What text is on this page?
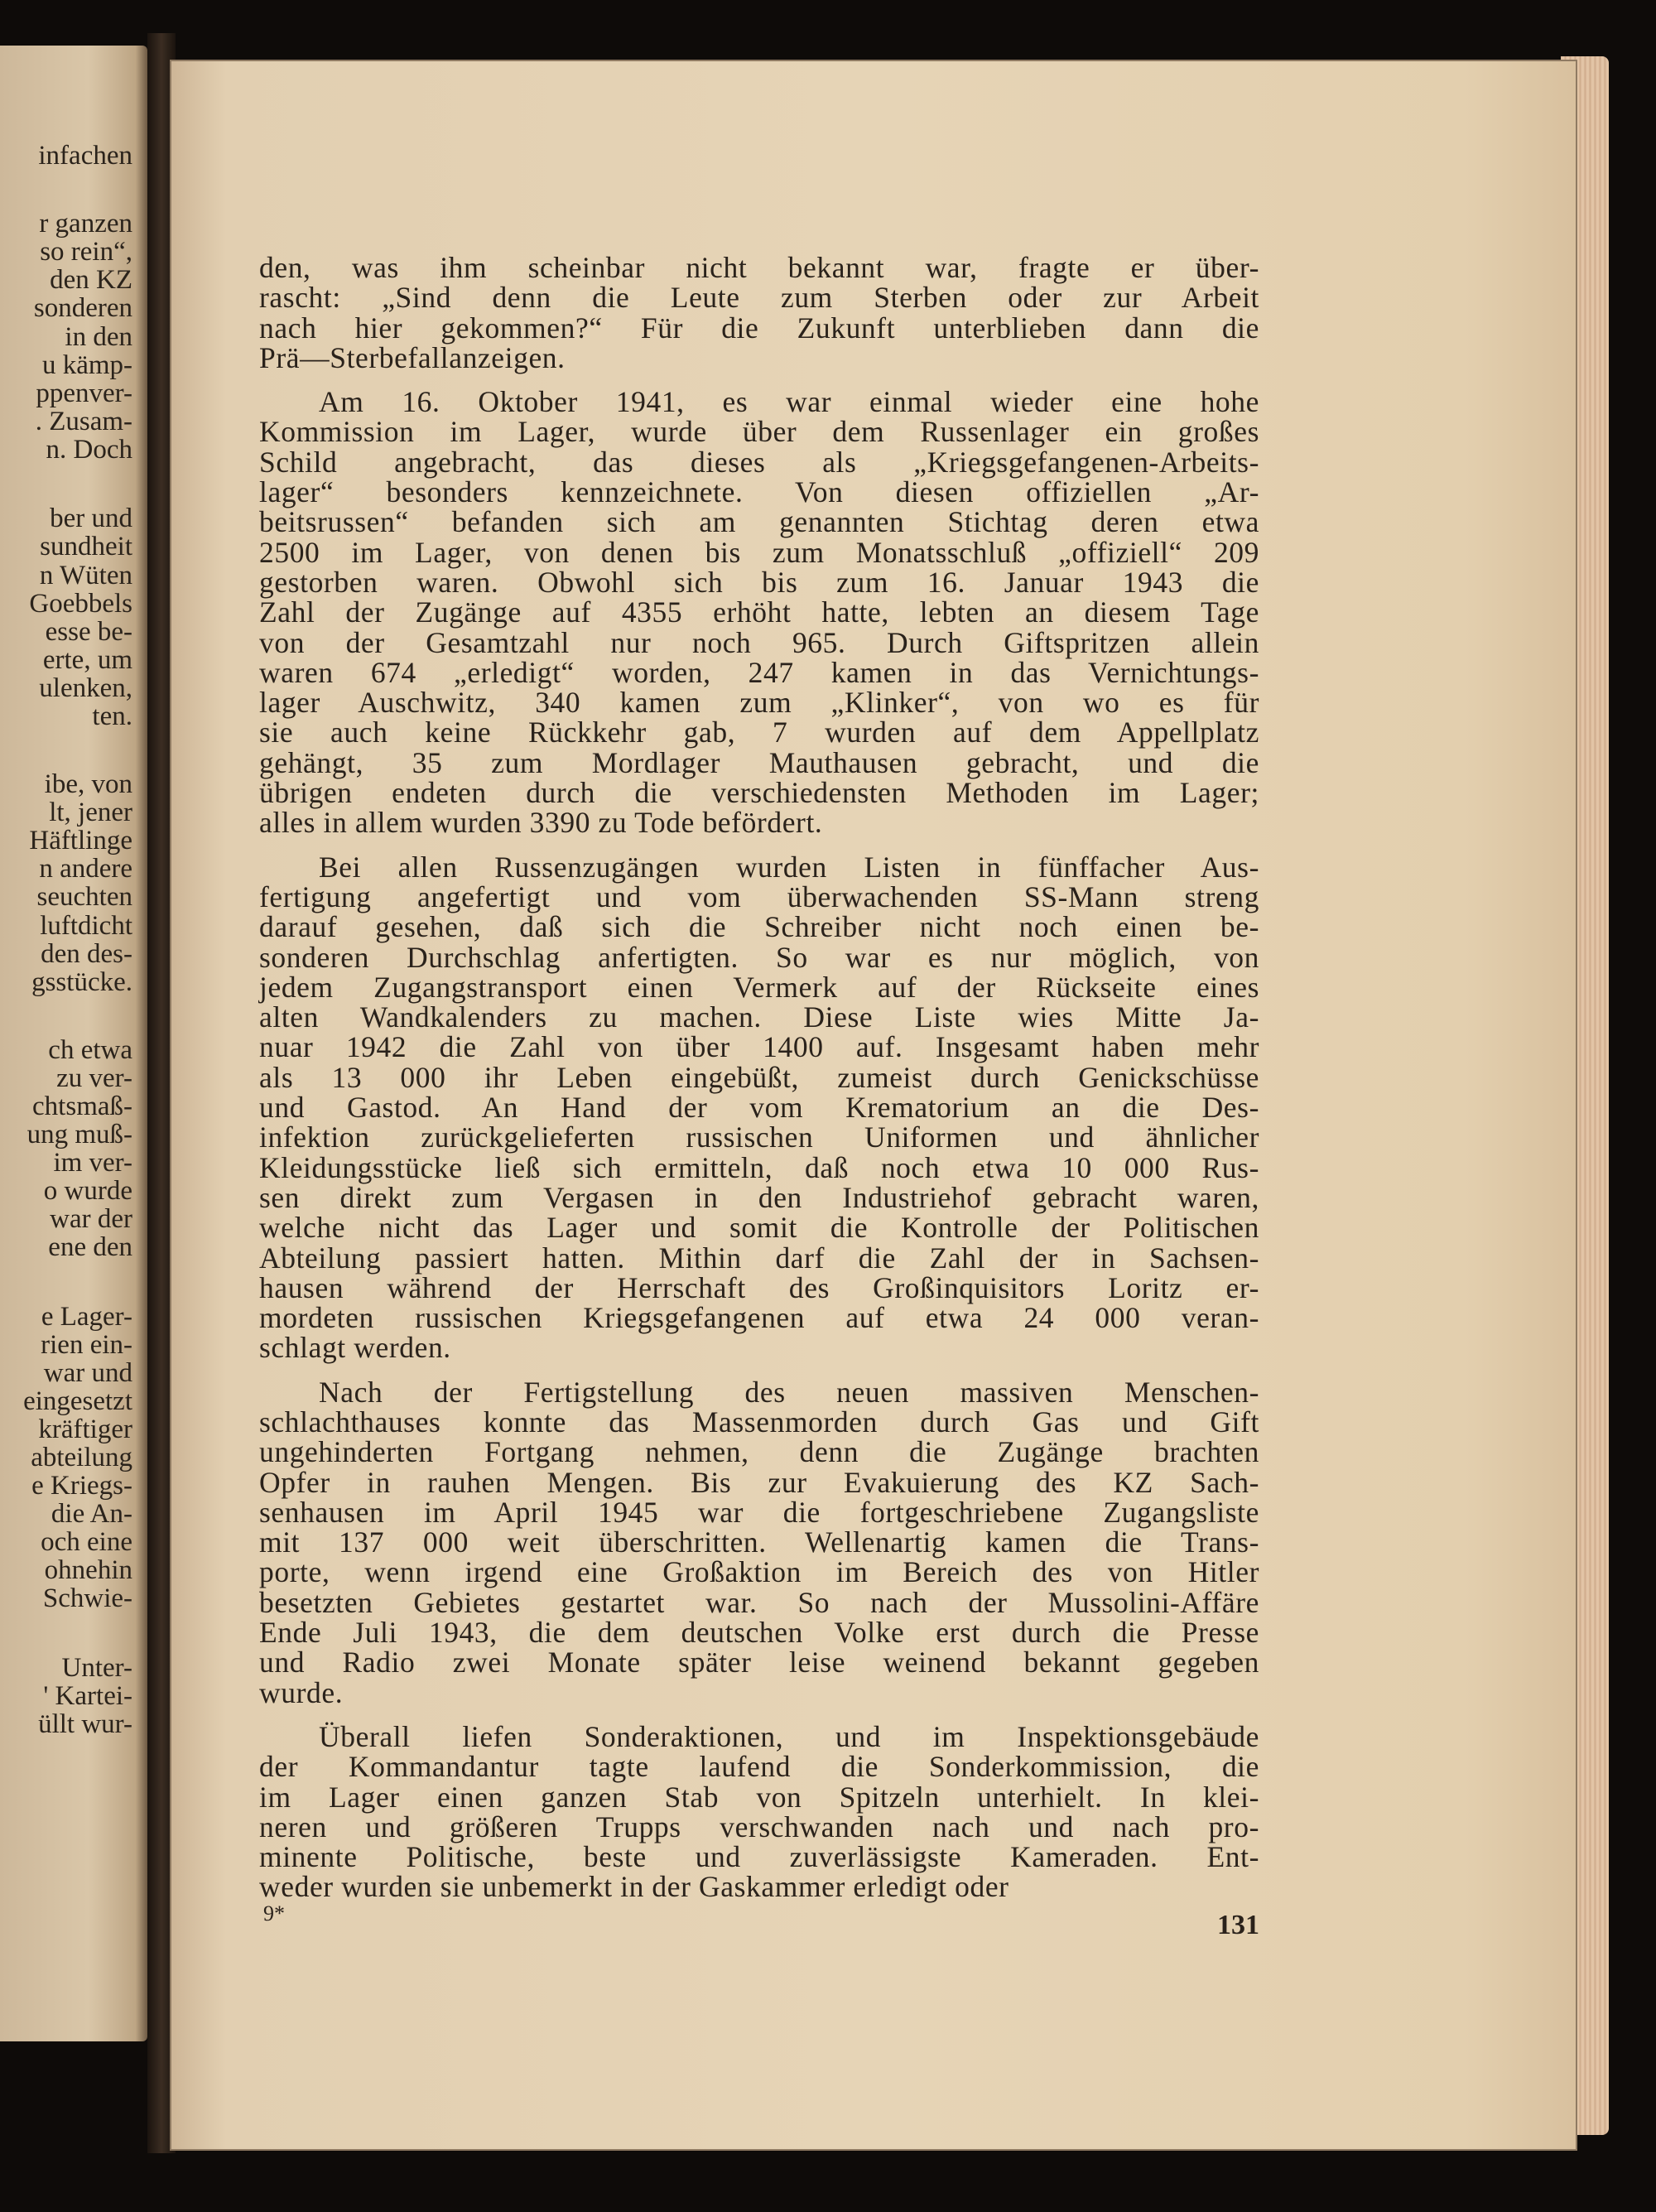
infachen
r ganzen
so rein“,
den KZ
sonderen
in den
u kämp-
ppenver-
. Zusam-
n. Doch
ber und
sundheit
n Wüten
Goebbels
esse be-
erte, um
ulenken,
ten.
ibe, von
lt, jener
Häftlinge
n andere
seuchten
luftdicht
den des-
gsstücke.
ch etwa
zu ver-
chtsmaß-
ung muß-
im ver-
o wurde
war der
ene den
e Lager-
rien ein-
war und
eingesetzt
kräftiger
abteilung
e Kriegs-
die An-
och eine
ohnehin
Schwie-
Unter-
' Kartei-
üllt wur-
den, was ihm scheinbar nicht bekannt war, fragte er über-
rascht: „Sind denn die Leute zum Sterben oder zur Arbeit
nach hier gekommen?“ Für die Zukunft unterblieben dann die
Prä—Sterbefallanzeigen.
Am 16. Oktober 1941, es war einmal wieder eine hohe
Kommission im Lager, wurde über dem Russenlager ein großes
Schild angebracht, das dieses als „Kriegsgefangenen-Arbeits-
lager“ besonders kennzeichnete. Von diesen offiziellen „Ar-
beitsrussen“ befanden sich am genannten Stichtag deren etwa
2500 im Lager, von denen bis zum Monatsschluß „offiziell“ 209
gestorben waren. Obwohl sich bis zum 16. Januar 1943 die
Zahl der Zugänge auf 4355 erhöht hatte, lebten an diesem Tage
von der Gesamtzahl nur noch 965. Durch Giftspritzen allein
waren 674 „erledigt“ worden, 247 kamen in das Vernichtungs-
lager Auschwitz, 340 kamen zum „Klinker“, von wo es für
sie auch keine Rückkehr gab, 7 wurden auf dem Appellplatz
gehängt, 35 zum Mordlager Mauthausen gebracht, und die
übrigen endeten durch die verschiedensten Methoden im Lager;
alles in allem wurden 3390 zu Tode befördert.
Bei allen Russenzugängen wurden Listen in fünffacher Aus-
fertigung angefertigt und vom überwachenden SS-Mann streng
darauf gesehen, daß sich die Schreiber nicht noch einen be-
sonderen Durchschlag anfertigten. So war es nur möglich, von
jedem Zugangstransport einen Vermerk auf der Rückseite eines
alten Wandkalenders zu machen. Diese Liste wies Mitte Ja-
nuar 1942 die Zahl von über 1400 auf. Insgesamt haben mehr
als 13 000 ihr Leben eingebüßt, zumeist durch Genickschüsse
und Gastod. An Hand der vom Krematorium an die Des-
infektion zurückgelieferten russischen Uniformen und ähnlicher
Kleidungsstücke ließ sich ermitteln, daß noch etwa 10 000 Rus-
sen direkt zum Vergasen in den Industriehof gebracht waren,
welche nicht das Lager und somit die Kontrolle der Politischen
Abteilung passiert hatten. Mithin darf die Zahl der in Sachsen-
hausen während der Herrschaft des Großinquisitors Loritz er-
mordeten russischen Kriegsgefangenen auf etwa 24 000 veran-
schlagt werden.
Nach der Fertigstellung des neuen massiven Menschen-
schlachthauses konnte das Massenmorden durch Gas und Gift
ungehinderten Fortgang nehmen, denn die Zugänge brachten
Opfer in rauhen Mengen. Bis zur Evakuierung des KZ Sach-
senhausen im April 1945 war die fortgeschriebene Zugangsliste
mit 137 000 weit überschritten. Wellenartig kamen die Trans-
porte, wenn irgend eine Großaktion im Bereich des von Hitler
besetzten Gebietes gestartet war. So nach der Mussolini-Affäre
Ende Juli 1943, die dem deutschen Volke erst durch die Presse
und Radio zwei Monate später leise weinend bekannt gegeben
wurde.
Überall liefen Sonderaktionen, und im Inspektionsgebäude
der Kommandantur tagte laufend die Sonderkommission, die
im Lager einen ganzen Stab von Spitzeln unterhielt. In klei-
neren und größeren Trupps verschwanden nach und nach pro-
minente Politische, beste und zuverlässigste Kameraden. Ent-
weder wurden sie unbemerkt in der Gaskammer erledigt oder
9*	131
